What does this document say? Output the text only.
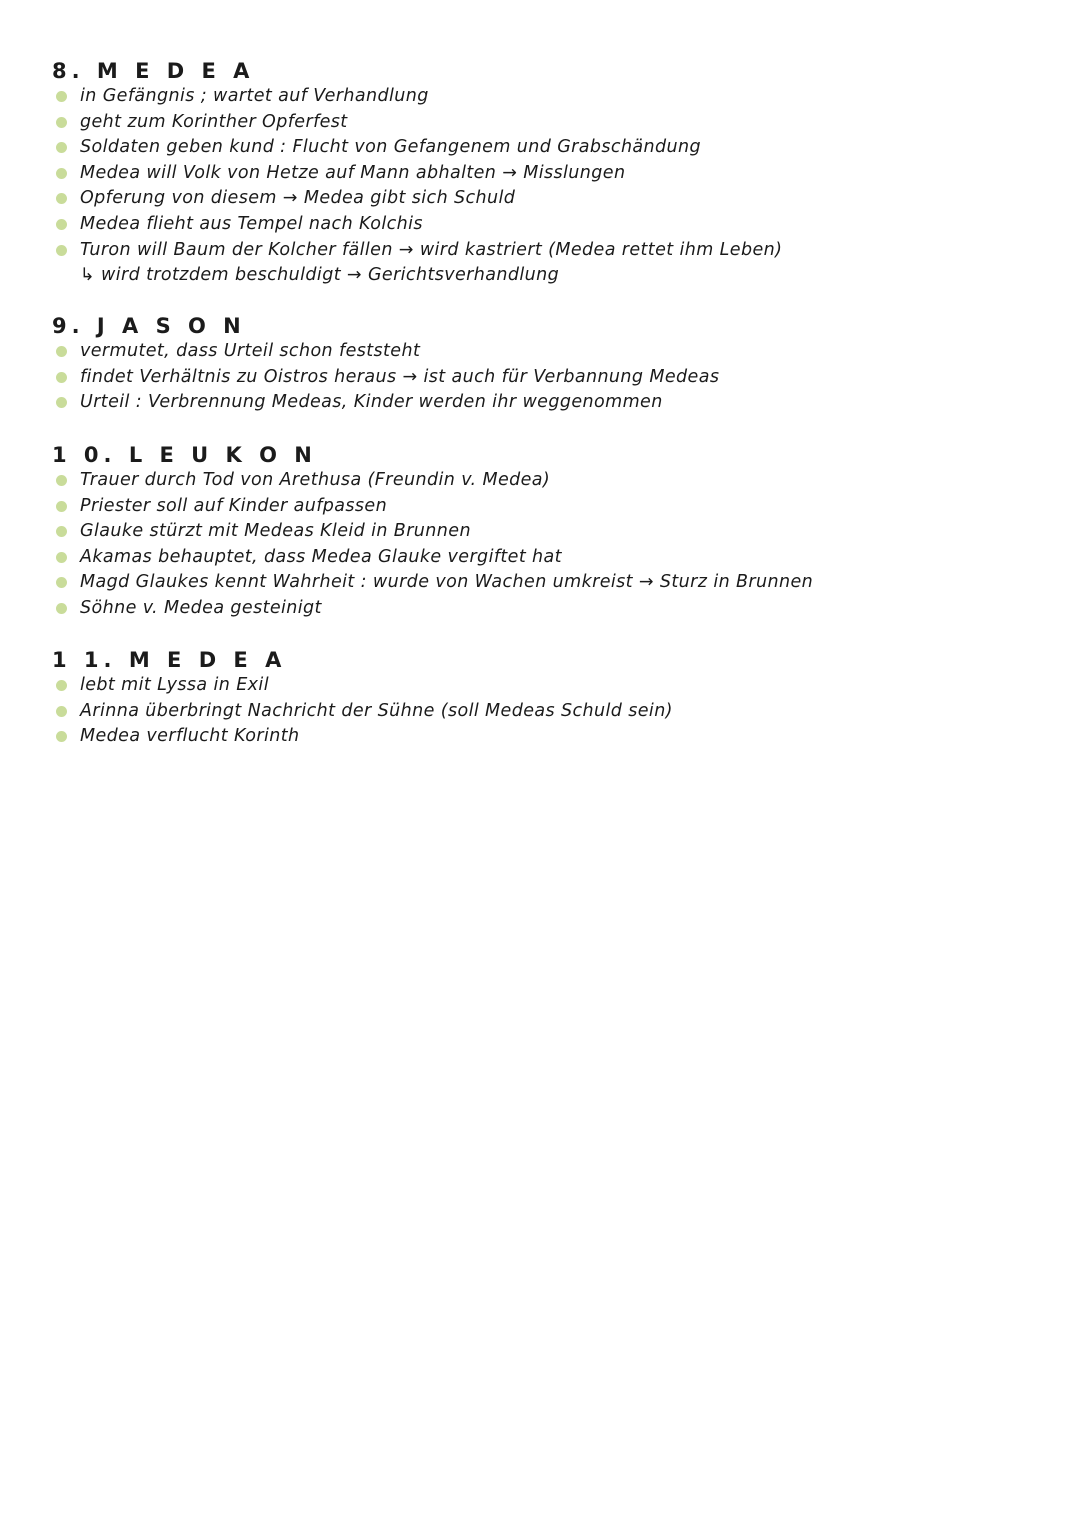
8. M E D E A
in Gefängnis ; wartet auf Verhandlung
geht zum Korinther Opferfest
Soldaten geben kund : Flucht von Gefangenem und Grabschändung
Medea will Volk von Hetze auf Mann abhalten → Misslungen
Opferung von diesem → Medea gibt sich Schuld
Medea flieht aus Tempel nach Kolchis
Turon will Baum der Kolcher fällen → wird kastriert (Medea rettet ihm Leben)
↳ wird trotzdem beschuldigt → Gerichtsverhandlung
9. J A S O N
vermutet, dass Urteil schon feststeht
findet Verhältnis zu Oistros heraus → ist auch für Verbannung Medeas
Urteil : Verbrennung Medeas, Kinder werden ihr weggenommen
1 0. L E U K O N
Trauer durch Tod von Arethusa (Freundin v. Medea)
Priester soll auf Kinder aufpassen
Glauke stürzt mit Medeas Kleid in Brunnen
Akamas behauptet, dass Medea Glauke vergiftet hat
Magd Glaukes kennt Wahrheit : wurde von Wachen umkreist → Sturz in Brunnen
Söhne v. Medea gesteinigt
1 1. M E D E A
lebt mit Lyssa in Exil
Arinna überbringt Nachricht der Sühne (soll Medeas Schuld sein)
Medea verflucht Korinth
